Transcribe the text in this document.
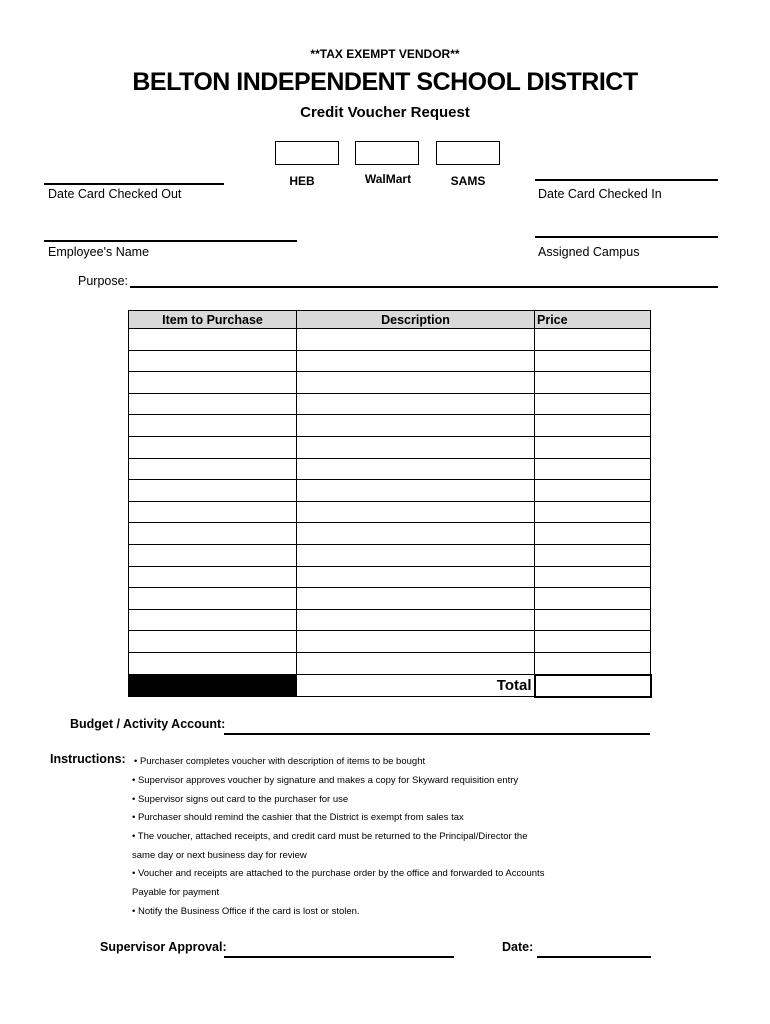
**TAX EXEMPT VENDOR**
BELTON INDEPENDENT SCHOOL DISTRICT
Credit Voucher Request
HEB	WalMart	SAMS
Date Card Checked Out	Date Card Checked In
Employee's Name	Assigned Campus
Purpose:
Item to Purchase	Description	Price

	Total	
Budget / Activity Account:
Instructions: • Purchaser completes voucher with description of items to be bought
• Supervisor approves voucher by signature and makes a copy for Skyward requisition entry
• Supervisor signs out card to the purchaser for use
• Purchaser should remind the cashier that the District is exempt from sales tax
• The voucher, attached receipts, and credit card must be returned to the Principal/Director the
same day or next business day for review
• Voucher and receipts are attached to the purchase order by the office and forwarded to Accounts
Payable for payment
• Notify the Business Office if the card is lost or stolen.
Supervisor Approval:	Date:
